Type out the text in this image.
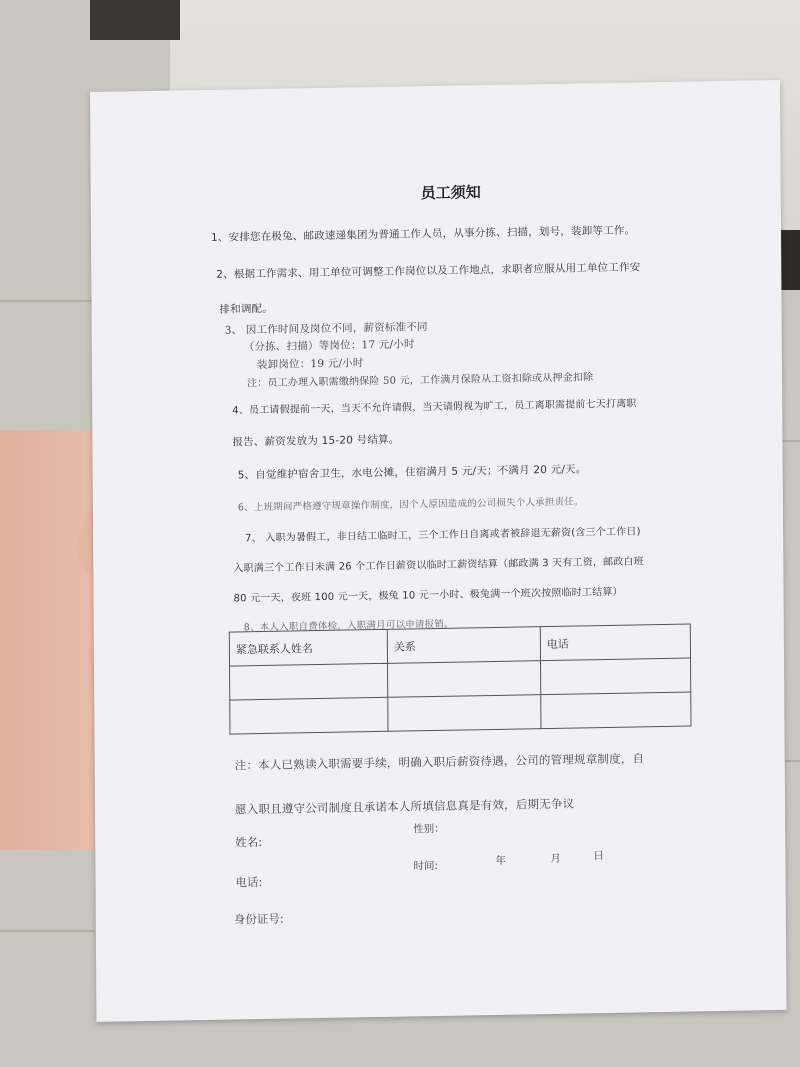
员工须知
1、安排您在极兔、邮政速递集团为普通工作人员，从事分拣、扫描，划号，装卸等工作。
2、根据工作需求、用工单位可调整工作岗位以及工作地点，求职者应服从用工单位工作安
排和调配。
3、 因工作时间及岗位不同，薪资标准不同
（分拣、扫描）等岗位：17 元/小时
装卸岗位：19 元/小时
注：员工办理入职需缴纳保险 50 元，工作满月保险从工资扣除或从押金扣除
4、员工请假提前一天，当天不允许请假，当天请假视为旷工，员工离职需提前七天打离职
报告、薪资发放为 15-20 号结算。
5、自觉维护宿舍卫生，水电公摊，住宿满月 5 元/天；不满月 20 元/天。
6、上班期间严格遵守规章操作制度，因个人原因造成的公司损失个人承担责任。
7、 入职为暑假工，非日结工临时工，三个工作日自离或者被辞退无薪资(含三个工作日)
入职满三个工作日未满 26 个工作日薪资以临时工薪资结算（邮政满 3 天有工资，邮政白班
80 元一天，夜班 100 元一天，极兔 10 元一小时、极兔满一个班次按照临时工结算）
8、本人入职自费体检，入职满月可以申请报销。
紧急联系人姓名	关系	电话

注：本人已熟读入职需要手续，明确入职后薪资待遇，公司的管理规章制度，自
愿入职且遵守公司制度且承诺本人所填信息真是有效，后期无争议
姓名:
性别：
电话:
时间:	年	月	日
身份证号:
